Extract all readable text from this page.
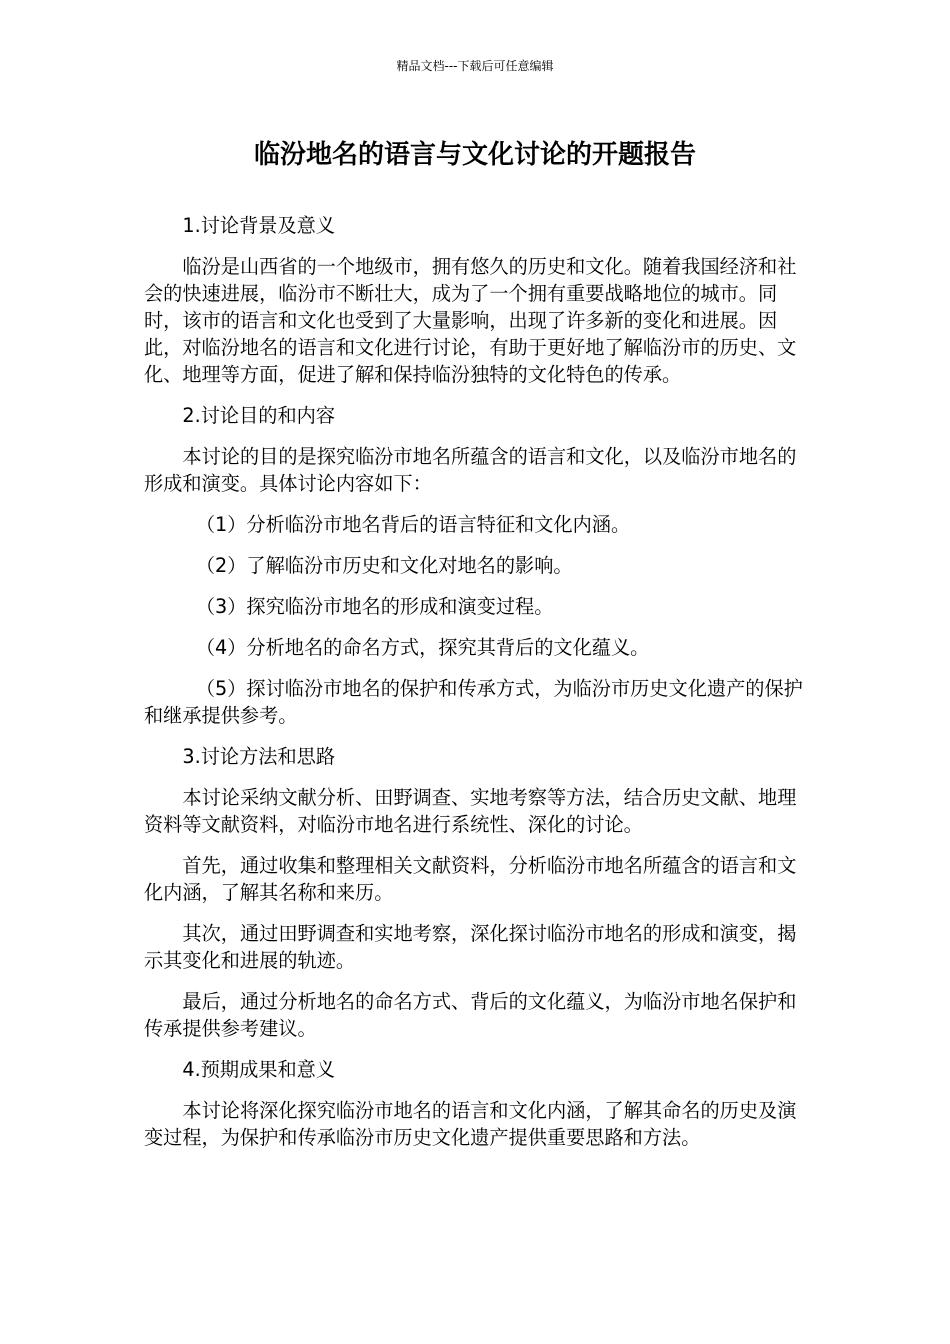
精品文档---下载后可任意编辑
临汾地名的语言与文化讨论的开题报告

1.讨论背景及意义

临汾是山西省的一个地级市，拥有悠久的历史和文化。随着我国经济和社会的快速进展，临汾市不断壮大，成为了一个拥有重要战略地位的城市。同时，该市的语言和文化也受到了大量影响，出现了许多新的变化和进展。因此，对临汾地名的语言和文化进行讨论，有助于更好地了解临汾市的历史、文化、地理等方面，促进了解和保持临汾独特的文化特色的传承。

2.讨论目的和内容

本讨论的目的是探究临汾市地名所蕴含的语言和文化，以及临汾市地名的形成和演变。具体讨论内容如下：

（1）分析临汾市地名背后的语言特征和文化内涵。

（2）了解临汾市历史和文化对地名的影响。

（3）探究临汾市地名的形成和演变过程。

（4）分析地名的命名方式，探究其背后的文化蕴义。

（5）探讨临汾市地名的保护和传承方式，为临汾市历史文化遗产的保护和继承提供参考。

3.讨论方法和思路

本讨论采纳文献分析、田野调查、实地考察等方法，结合历史文献、地理资料等文献资料，对临汾市地名进行系统性、深化的讨论。

首先，通过收集和整理相关文献资料，分析临汾市地名所蕴含的语言和文化内涵，了解其名称和来历。

其次，通过田野调查和实地考察，深化探讨临汾市地名的形成和演变，揭示其变化和进展的轨迹。

最后，通过分析地名的命名方式、背后的文化蕴义，为临汾市地名保护和传承提供参考建议。

4.预期成果和意义

本讨论将深化探究临汾市地名的语言和文化内涵，了解其命名的历史及演变过程，为保护和传承临汾市历史文化遗产提供重要思路和方法。
